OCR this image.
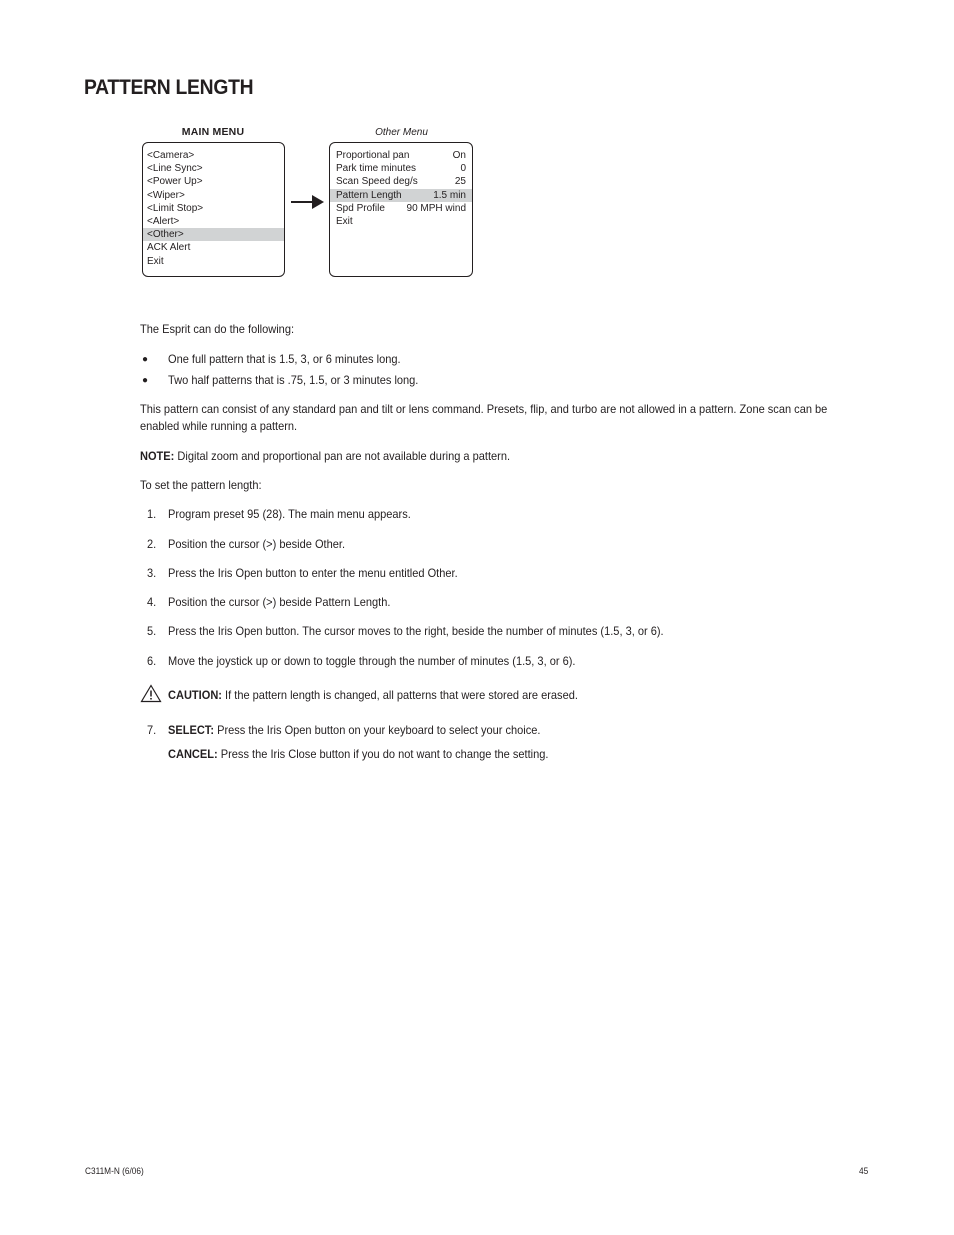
PATTERN LENGTH
MAIN MENU	Other Menu
<Camera>
<Line Sync>
<Power Up>
<Wiper>
<Limit Stop>
<Alert>
<Other>
ACK Alert
Exit
Proportional pan	On
Park time minutes	0
Scan Speed deg/s	25
Pattern Length	1.5 min
Spd Profile 90 MPH wind
Exit

The Esprit can do the following:

● One full pattern that is 1.5, 3, or 6 minutes long.
● Two half patterns that is .75, 1.5, or 3 minutes long.

This pattern can consist of any standard pan and tilt or lens command. Presets, flip, and turbo are not allowed in a pattern. Zone scan can be enabled while running a pattern.

NOTE: Digital zoom and proportional pan are not available during a pattern.

To set the pattern length:

1. Program preset 95 (28). The main menu appears.
2. Position the cursor (>) beside Other.
3. Press the Iris Open button to enter the menu entitled Other.
4. Position the cursor (>) beside Pattern Length.
5. Press the Iris Open button. The cursor moves to the right, beside the number of minutes (1.5, 3, or 6).
6. Move the joystick up or down to toggle through the number of minutes (1.5, 3, or 6).
CAUTION: If the pattern length is changed, all patterns that were stored are erased.
7. SELECT: Press the Iris Open button on your keyboard to select your choice.
CANCEL: Press the Iris Close button if you do not want to change the setting.
C311M-N (6/06)	45
